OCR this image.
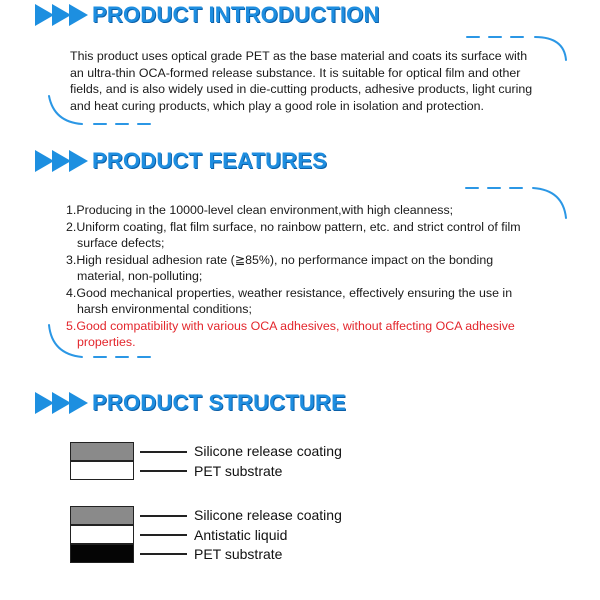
PRODUCT INTRODUCTION
This product uses optical grade PET as the base material and coats its surface with
an ultra-thin OCA-formed release substance. It is suitable for optical film and other
fields, and is also widely used in die-cutting products, adhesive products, light curing
and heat curing products, which play a good role in isolation and protection.
PRODUCT FEATURES
1.Producing in the 10000-level clean environment,with high cleanness;
2.Uniform coating, flat film surface, no rainbow pattern, etc. and strict control of film
surface defects;
3.High residual adhesion rate (≧85%), no performance impact on the bonding
material, non-polluting;
4.Good mechanical properties, weather resistance, effectively ensuring the use in
harsh environmental conditions;
5.Good compatibility with various OCA adhesives, without affecting OCA adhesive
properties.
PRODUCT STRUCTURE
Silicone release coating
PET substrate
Silicone release coating
Antistatic liquid
PET substrate
